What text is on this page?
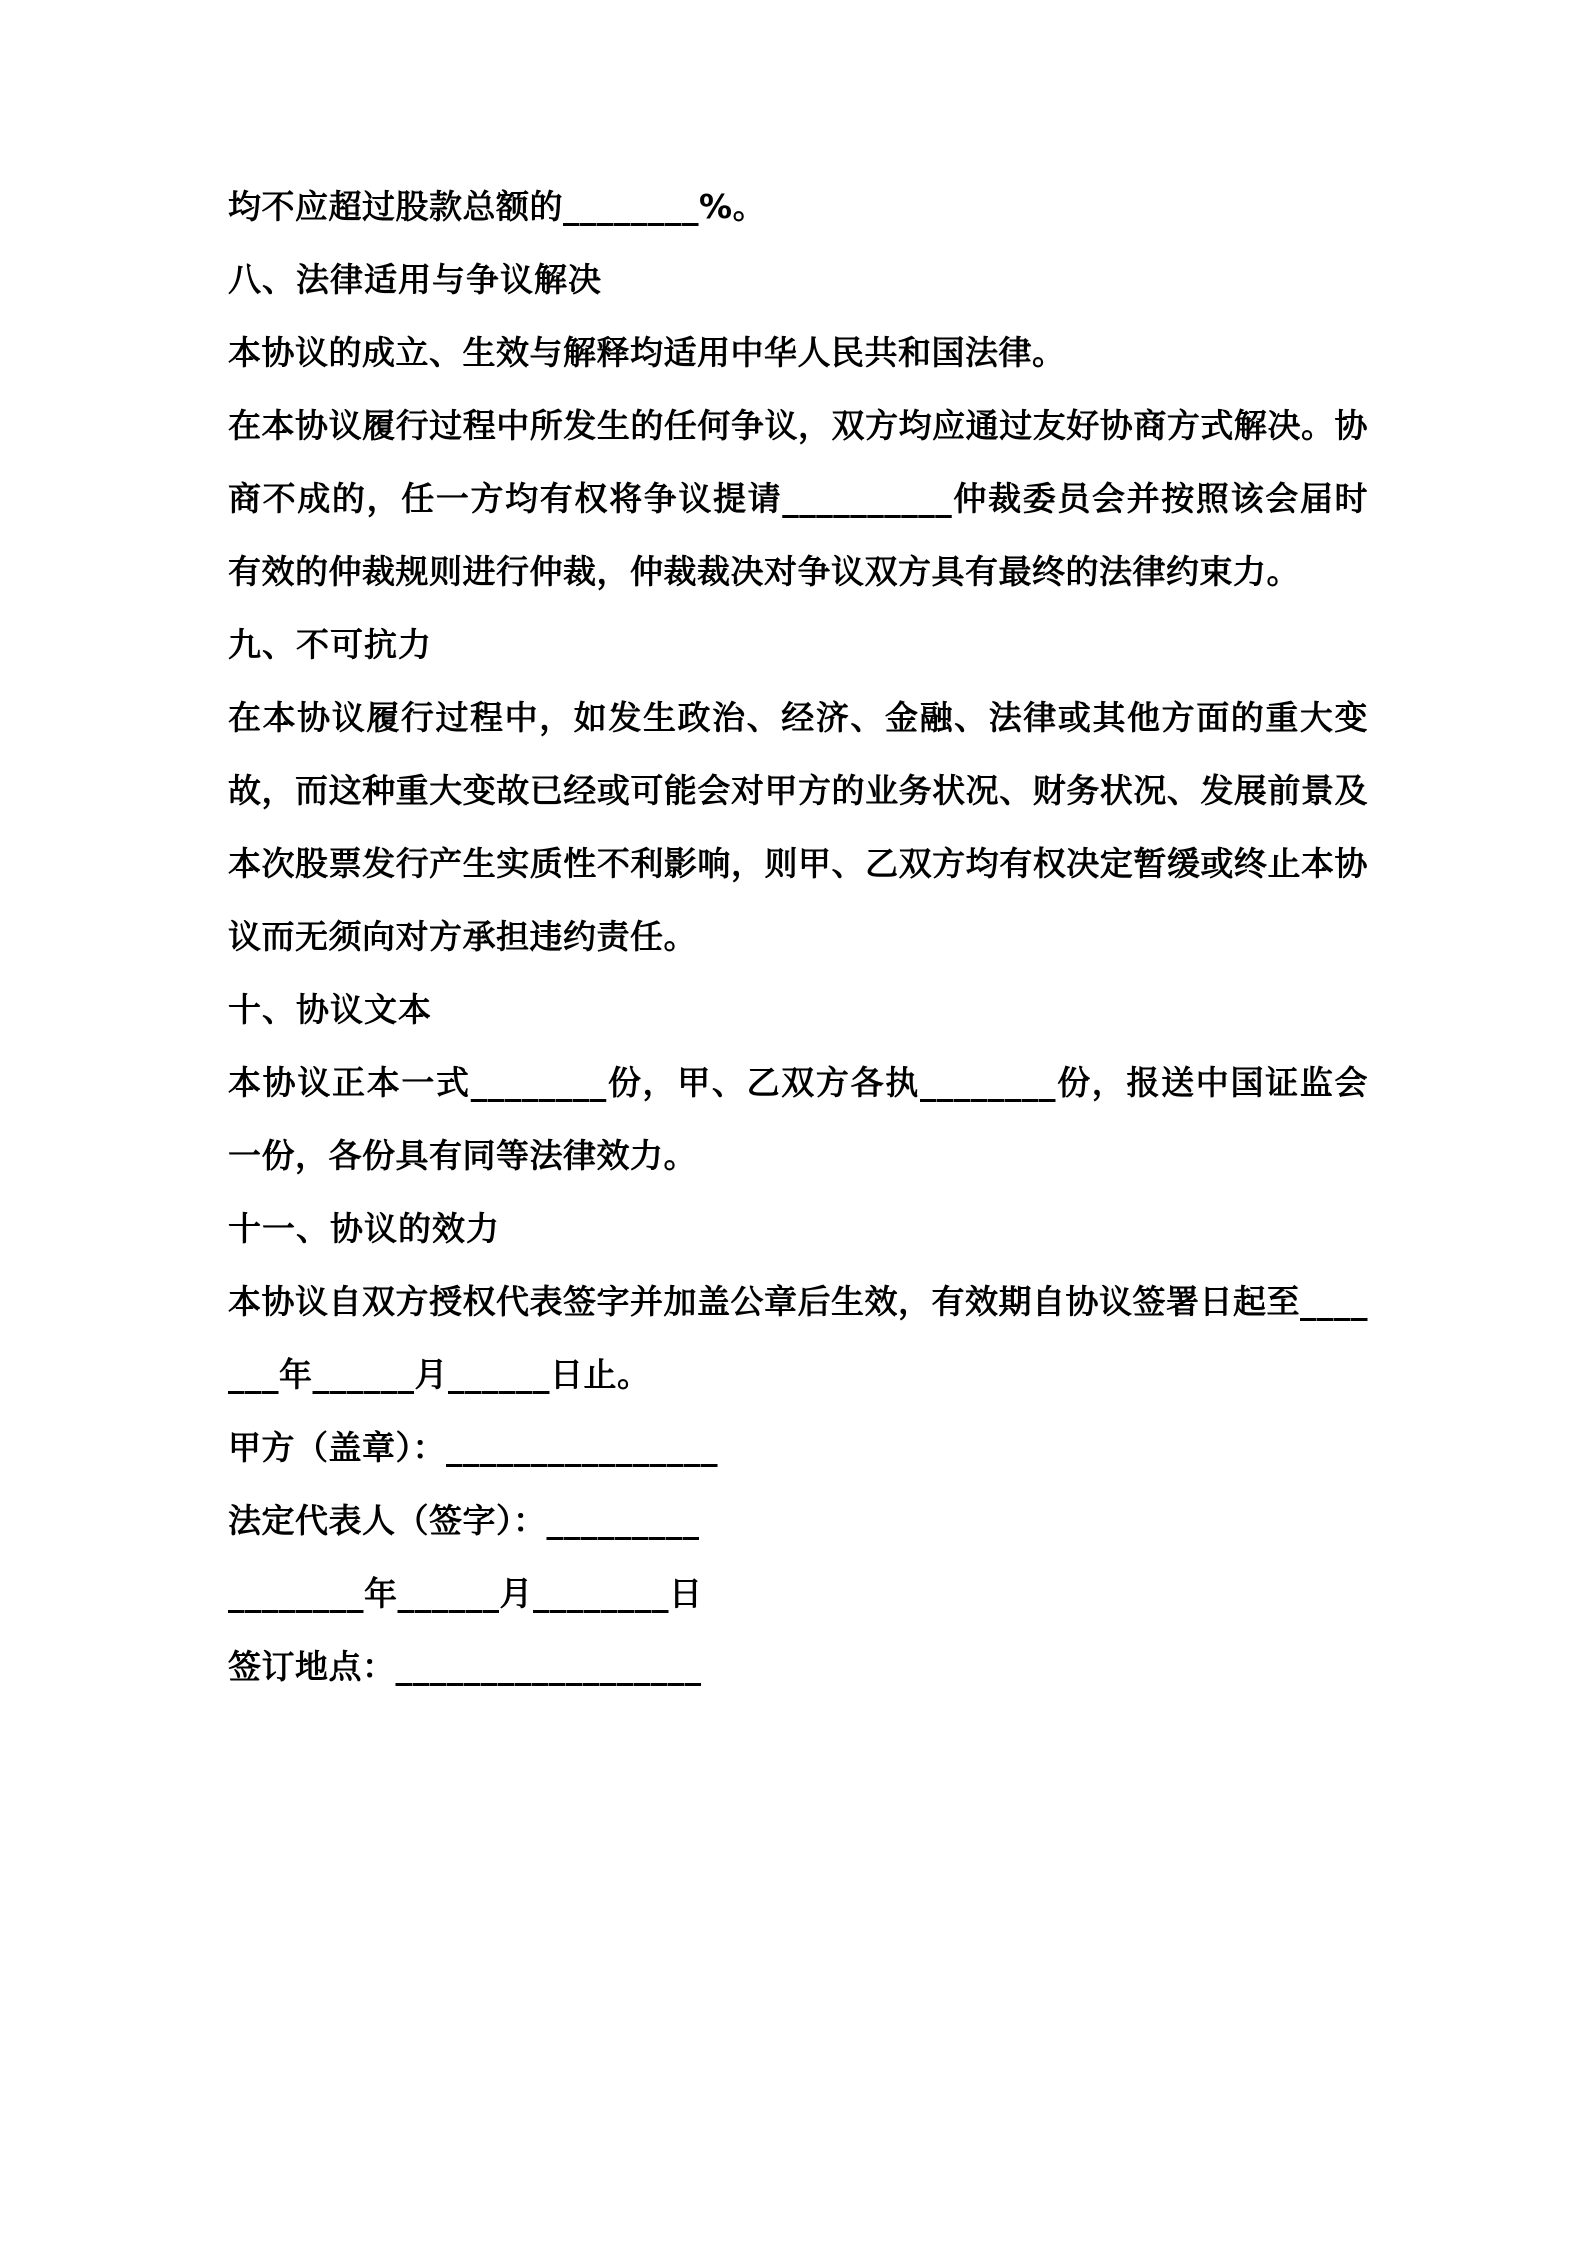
均不应超过股款总额的________%。

八、法律适用与争议解决

本协议的成立、生效与解释均适用中华人民共和国法律。

在本协议履行过程中所发生的任何争议，双方均应通过友好协商方式解决。协商不成的，任一方均有权将争议提请__________仲裁委员会并按照该会届时有效的仲裁规则进行仲裁，仲裁裁决对争议双方具有最终的法律约束力。

九、不可抗力

在本协议履行过程中，如发生政治、经济、金融、法律或其他方面的重大变故，而这种重大变故已经或可能会对甲方的业务状况、财务状况、发展前景及本次股票发行产生实质性不利影响，则甲、乙双方均有权决定暂缓或终止本协议而无须向对方承担违约责任。

十、协议文本

本协议正本一式________份，甲、乙双方各执________份，报送中国证监会一份，各份具有同等法律效力。

十一、协议的效力

本协议自双方授权代表签字并加盖公章后生效，有效期自协议签署日起至_______年______月______日止。

甲方（盖章）：________________

法定代表人（签字）：_________

________年______月________日

签订地点：__________________
